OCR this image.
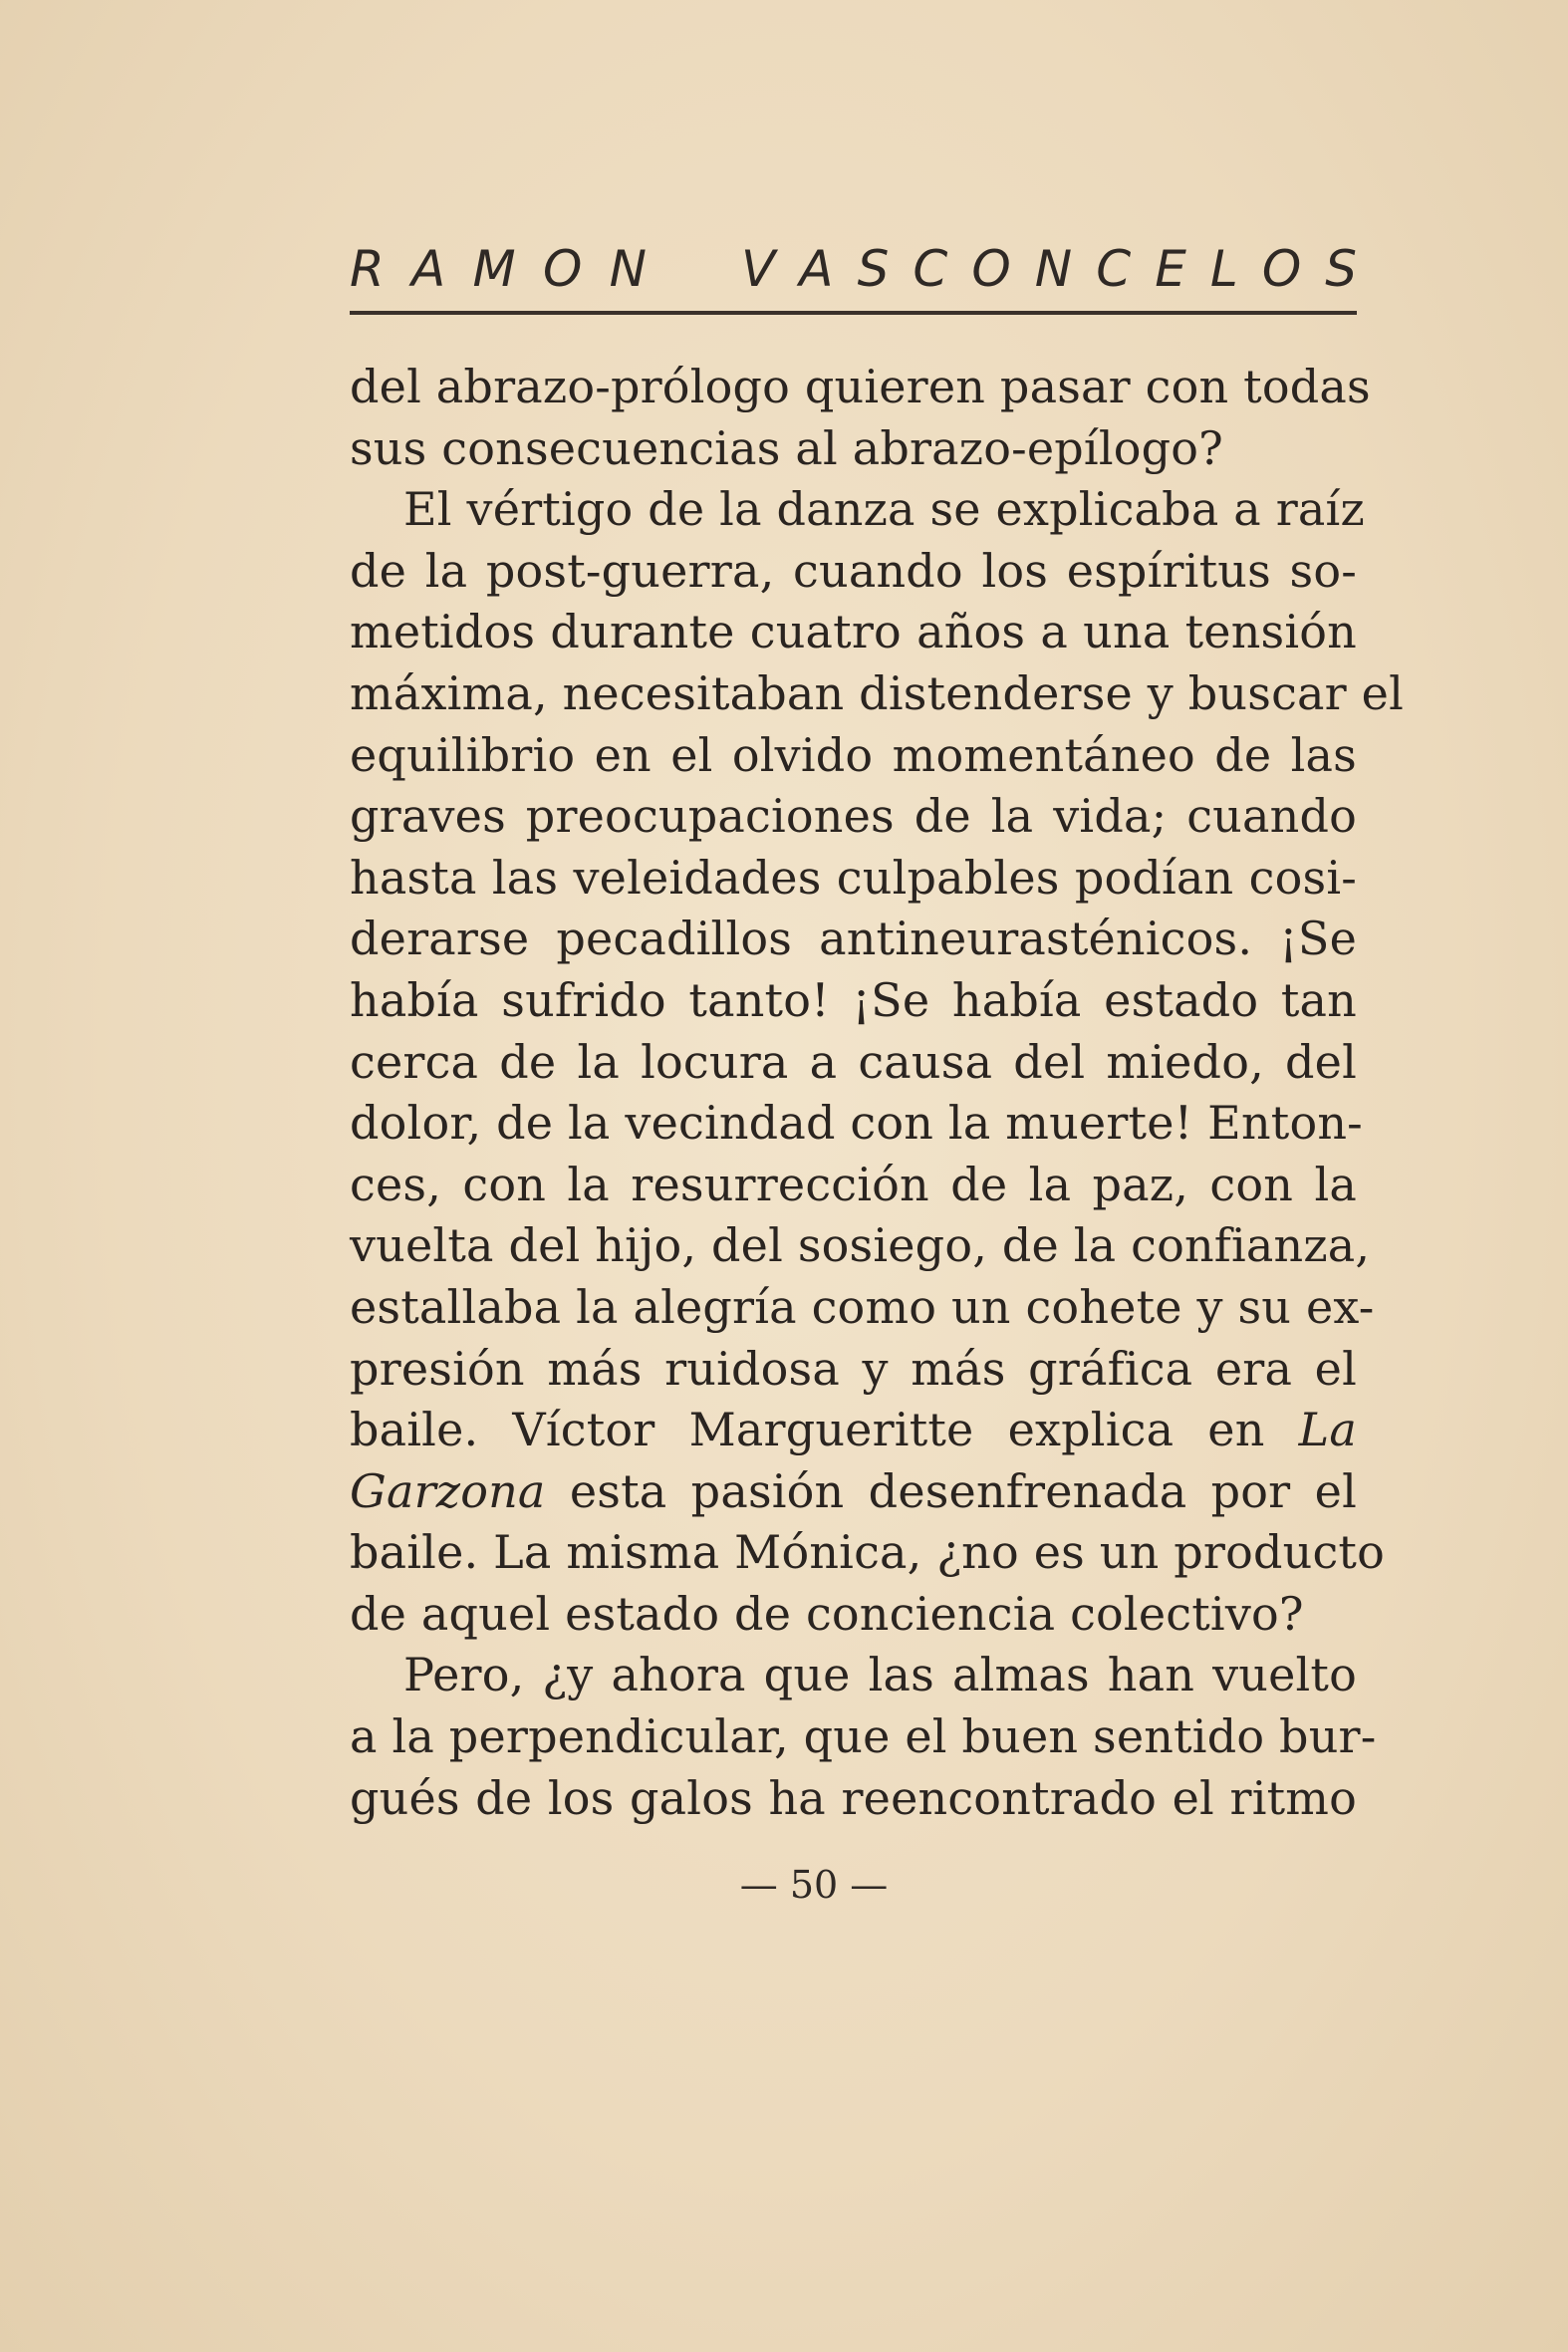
R A M O N V A S C O N C E L O S
del abrazo-prólogo quieren pasar con todas
sus consecuencias al abrazo-epílogo?
El vértigo de la danza se explicaba a raíz
de la post-guerra, cuando los espíritus so-
metidos durante cuatro años a una tensión
máxima, necesitaban distenderse y buscar el
equilibrio en el olvido momentáneo de las
graves preocupaciones de la vida; cuando
hasta las veleidades culpables podían cosi-
derarse pecadillos antineurasténicos. ¡Se
había sufrido tanto! ¡Se había estado tan
cerca de la locura a causa del miedo, del
dolor, de la vecindad con la muerte! Enton-
ces, con la resurrección de la paz, con la
vuelta del hijo, del sosiego, de la confianza,
estallaba la alegría como un cohete y su ex-
presión más ruidosa y más gráfica era el
baile. Víctor Margueritte explica en La
Garzona esta pasión desenfrenada por el
baile. La misma Mónica, ¿no es un producto
de aquel estado de conciencia colectivo?
Pero, ¿y ahora que las almas han vuelto
a la perpendicular, que el buen sentido bur-
gués de los galos ha reencontrado el ritmo
— 50 —
